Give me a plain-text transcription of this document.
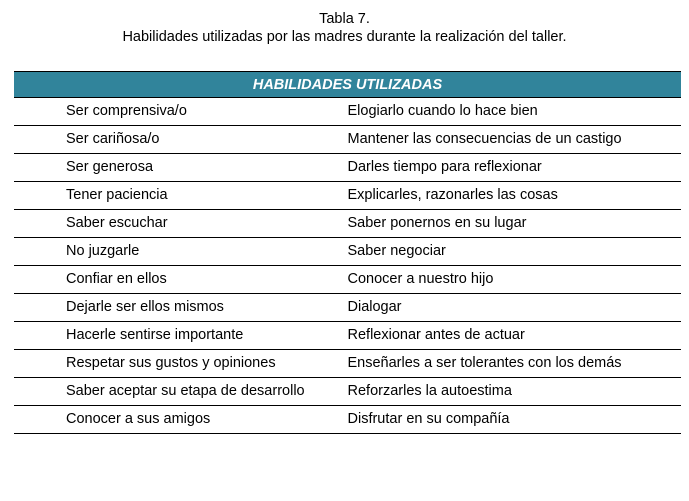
Tabla 7.
Habilidades utilizadas por las madres durante la realización del taller.
HABILIDADES UTILIZADAS	
Ser comprensiva/o	Elogiarlo cuando lo hace bien
Ser cariñosa/o	Mantener las consecuencias de un castigo
Ser generosa	Darles tiempo para reflexionar
Tener paciencia	Explicarles, razonarles las cosas
Saber escuchar	Saber ponernos en su lugar
No juzgarle	Saber negociar
Confiar en ellos	Conocer a nuestro hijo
Dejarle ser ellos mismos	Dialogar
Hacerle sentirse importante	Reflexionar antes de actuar
Respetar sus gustos y opiniones	Enseñarles a ser tolerantes con los demás
Saber aceptar su etapa de desarrollo	Reforzarles la autoestima
Conocer a sus amigos	Disfrutar en su compañía
